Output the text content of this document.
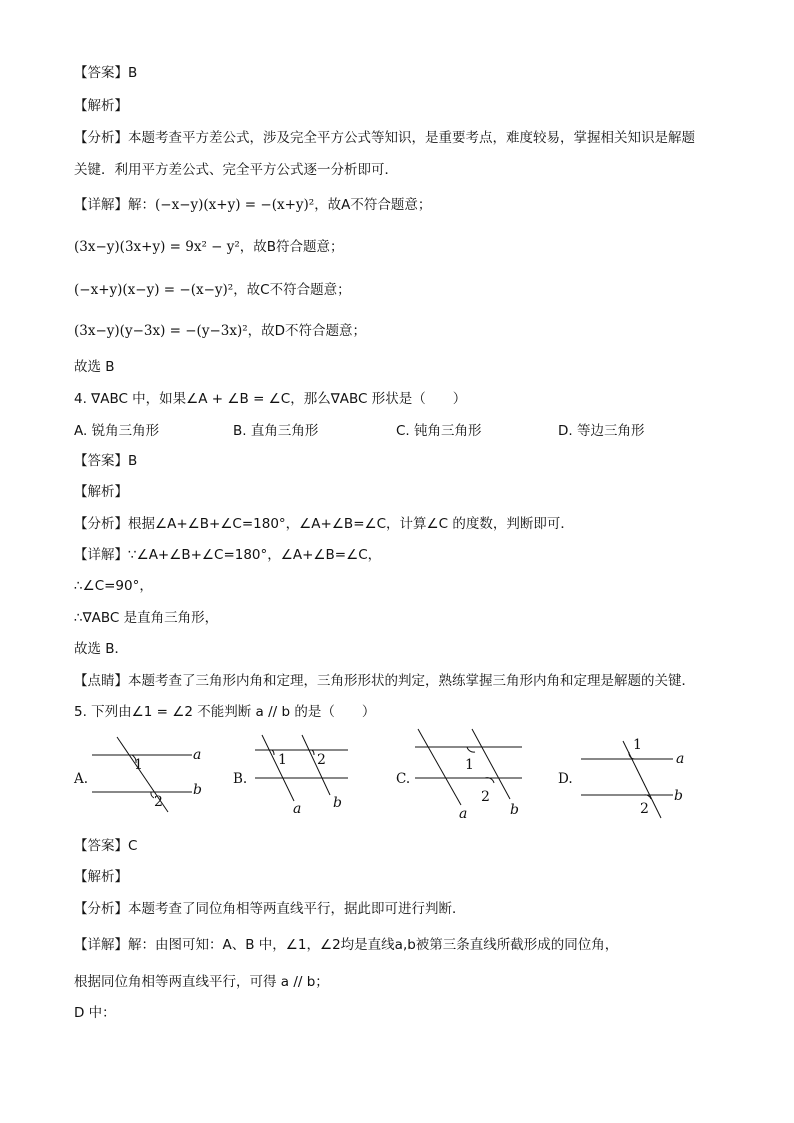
【答案】B
【解析】
【分析】本题考查平方差公式，涉及完全平方公式等知识，是重要考点，难度较易，掌握相关知识是解题
关键．利用平方差公式、完全平方公式逐一分析即可．
【详解】解：(−x−y)(x+y) = −(x+y)²，故A不符合题意；
(3x−y)(3x+y) = 9x² − y²，故B符合题意；
(−x+y)(x−y) = −(x−y)²，故C不符合题意；
(3x−y)(y−3x) = −(y−3x)²，故D不符合题意；
故选 B
4. ∇ABC 中，如果∠A + ∠B = ∠C，那么∇ABC 形状是（　　）
A. 锐角三角形	B. 直角三角形	C. 钝角三角形	D. 等边三角形
【答案】B
【解析】
【分析】根据∠A+∠B+∠C=180°，∠A+∠B=∠C，计算∠C 的度数，判断即可．
【详解】∵∠A+∠B+∠C=180°，∠A+∠B=∠C，
∴∠C=90°，
∴∇ABC 是直角三角形，
故选 B．
【点睛】本题考查了三角形内角和定理，三角形形状的判定，熟练掌握三角形内角和定理是解题的关键．
5. 下列由∠1 = ∠2 不能判断 a // b 的是（　　）
A.
1
2
a
b
B.
1 2
a b
C.
1
2
a	b
D.
1
2
a
b
【答案】C
【解析】
【分析】本题考查了同位角相等两直线平行，据此即可进行判断．
【详解】解：由图可知：A、B 中，∠1，∠2均是直线a,b被第三条直线所截形成的同位角，
根据同位角相等两直线平行，可得 a // b；
D 中：
